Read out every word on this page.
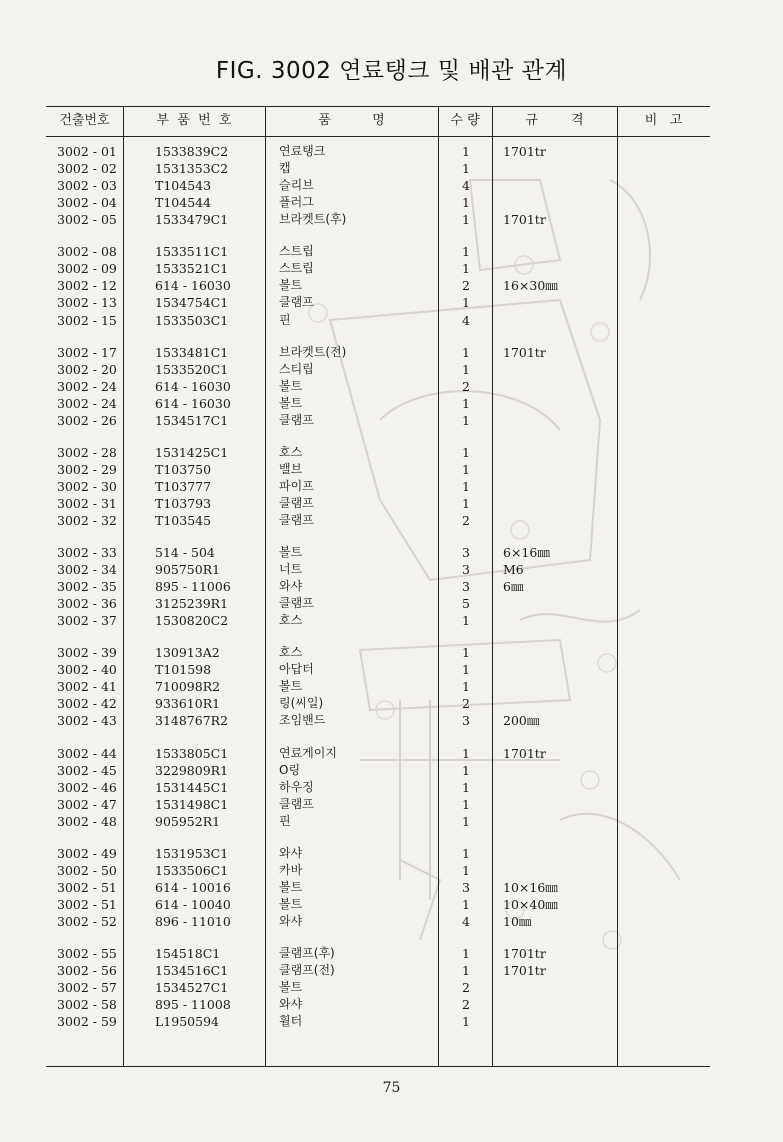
FIG. 3002 연료탱크 및 배관 관계
건출번호	부  품  번  호	품          명	수 량	규        격	비   고
3002 - 01	1533839C2	연료탱크	1	1701tr
3002 - 02	1531353C2	캡	1
3002 - 03	T104543	슬리브	4
3002 - 04	T104544	플러그	1
3002 - 05	1533479C1	브라켓트(후)	1	1701tr
3002 - 08	1533511C1	스트립	1
3002 - 09	1533521C1	스트립	1
3002 - 12	614 - 16030	볼트	2	16×30㎜
3002 - 13	1534754C1	클램프	1
3002 - 15	1533503C1	핀	4
3002 - 17	1533481C1	브라켓트(전)	1	1701tr
3002 - 20	1533520C1	스티립	1
3002 - 24	614 - 16030	볼트	2
3002 - 24	614 - 16030	볼트	1
3002 - 26	1534517C1	클램프	1
3002 - 28	1531425C1	호스	1
3002 - 29	T103750	밸브	1
3002 - 30	T103777	파이프	1
3002 - 31	T103793	클램프	1
3002 - 32	T103545	클램프	2
3002 - 33	514 - 504	볼트	3	6×16㎜
3002 - 34	905750R1	너트	3	M6
3002 - 35	895 - 11006	와샤	3	6㎜
3002 - 36	3125239R1	클램프	5
3002 - 37	1530820C2	호스	1
3002 - 39	130913A2	호스	1
3002 - 40	T101598	아답터	1
3002 - 41	710098R2	볼트	1
3002 - 42	933610R1	링(씨일)	2
3002 - 43	3148767R2	조임밴드	3	200㎜
3002 - 44	1533805C1	연료게이지	1	1701tr
3002 - 45	3229809R1	O링	1
3002 - 46	1531445C1	하우징	1
3002 - 47	1531498C1	클램프	1
3002 - 48	905952R1	핀	1
3002 - 49	1531953C1	와샤	1
3002 - 50	1533506C1	카바	1
3002 - 51	614 - 10016	볼트	3	10×16㎜
3002 - 51	614 - 10040	볼트	1	10×40㎜
3002 - 52	896 - 11010	와샤	4	10㎜
3002 - 55	154518C1	클램프(후)	1	1701tr
3002 - 56	1534516C1	클램프(전)	1	1701tr
3002 - 57	1534527C1	볼트	2
3002 - 58	895 - 11008	와샤	2
3002 - 59	L1950594	휠터	1
75
